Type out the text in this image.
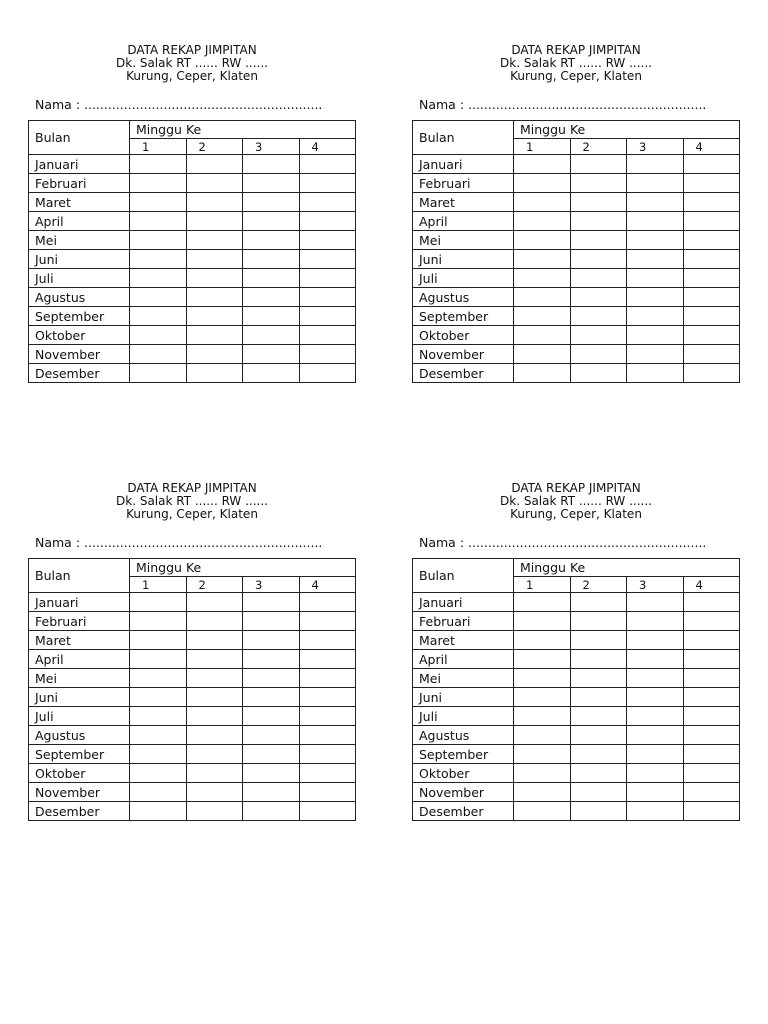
DATA REKAP JIMPITAN
Dk. Salak RT ...... RW ......
Kurung, Ceper, Klaten
Nama : ............................................................
Bulan	Minggu Ke			
	1	2	3	4
Januari				
Februari				
Maret				
April				
Mei				
Juni				
Juli				
Agustus				
September				
Oktober				
November				
Desember				
DATA REKAP JIMPITAN
Dk. Salak RT ...... RW ......
Kurung, Ceper, Klaten
Nama : ............................................................
Bulan	Minggu Ke			
	1	2	3	4
Januari				
Februari				
Maret				
April				
Mei				
Juni				
Juli				
Agustus				
September				
Oktober				
November				
Desember				
DATA REKAP JIMPITAN
Dk. Salak RT ...... RW ......
Kurung, Ceper, Klaten
Nama : ............................................................
Bulan	Minggu Ke			
	1	2	3	4
Januari				
Februari				
Maret				
April				
Mei				
Juni				
Juli				
Agustus				
September				
Oktober				
November				
Desember				
DATA REKAP JIMPITAN
Dk. Salak RT ...... RW ......
Kurung, Ceper, Klaten
Nama : ............................................................
Bulan	Minggu Ke			
	1	2	3	4
Januari				
Februari				
Maret				
April				
Mei				
Juni				
Juli				
Agustus				
September				
Oktober				
November				
Desember				
